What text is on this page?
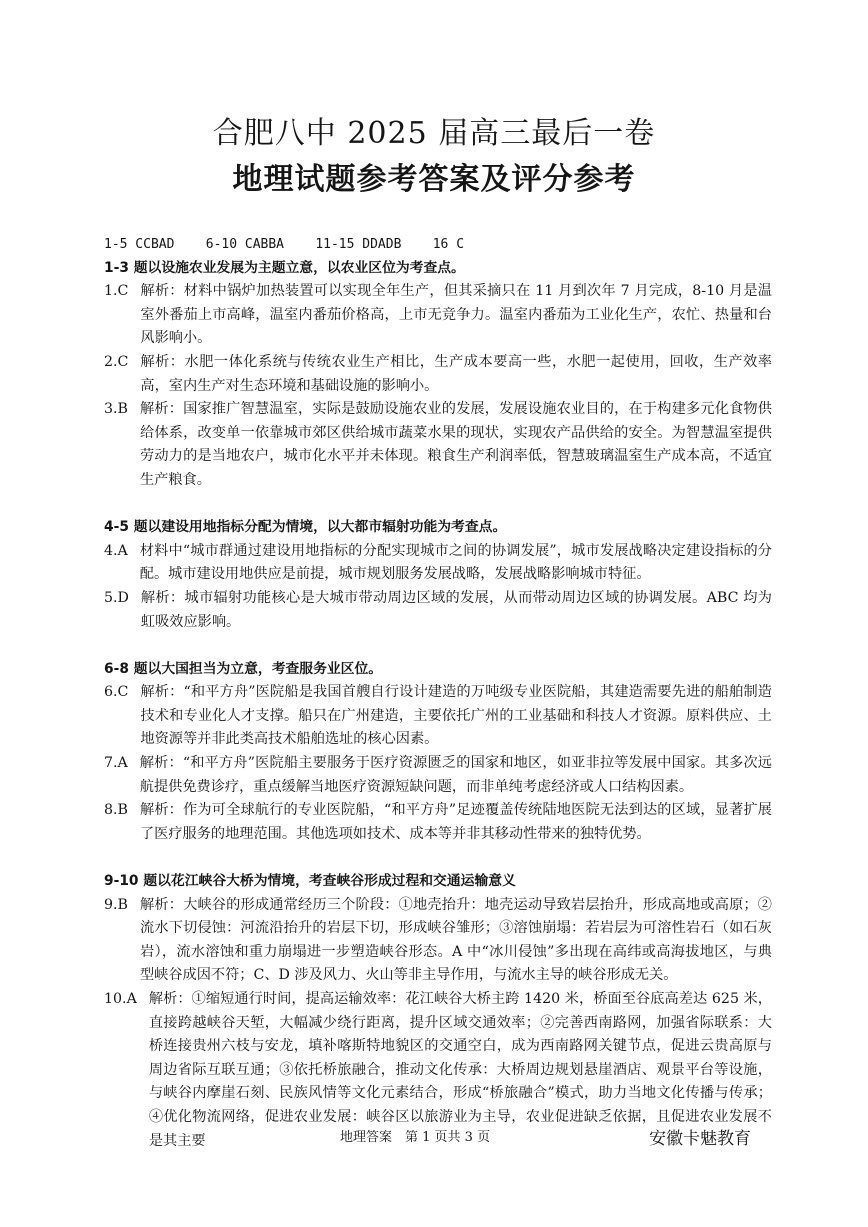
合肥八中 2025 届高三最后一卷
地理试题参考答案及评分参考
1-5 CCBAD    6-10 CABBA    11-15 DDADB    16 C
1-3 题以设施农业发展为主题立意，以农业区位为考查点。
1.C 解析：材料中锅炉加热装置可以实现全年生产，但其采摘只在 11 月到次年 7 月完成，8-10 月是温室外番茄上市高峰，温室内番茄价格高，上市无竞争力。温室内番茄为工业化生产，农忙、热量和台风影响小。
2.C 解析：水肥一体化系统与传统农业生产相比，生产成本要高一些，水肥一起使用，回收，生产效率高，室内生产对生态环境和基础设施的影响小。
3.B 解析：国家推广智慧温室，实际是鼓励设施农业的发展，发展设施农业目的，在于构建多元化食物供给体系，改变单一依靠城市郊区供给城市蔬菜水果的现状，实现农产品供给的安全。为智慧温室提供劳动力的是当地农户，城市化水平并未体现。粮食生产利润率低，智慧玻璃温室生产成本高，不适宜生产粮食。
4-5 题以建设用地指标分配为情境，以大都市辐射功能为考查点。
4.A 材料中“城市群通过建设用地指标的分配实现城市之间的协调发展”，城市发展战略决定建设指标的分配。城市建设用地供应是前提，城市规划服务发展战略，发展战略影响城市特征。
5.D 解析：城市辐射功能核心是大城市带动周边区域的发展，从而带动周边区域的协调发展。ABC 均为虹吸效应影响。
6-8 题以大国担当为立意，考查服务业区位。
6.C 解析：“和平方舟”医院船是我国首艘自行设计建造的万吨级专业医院船，其建造需要先进的船舶制造技术和专业化人才支撑。船只在广州建造，主要依托广州的工业基础和科技人才资源。原料供应、土地资源等并非此类高技术船舶选址的核心因素。
7.A 解析：“和平方舟”医院船主要服务于医疗资源匮乏的国家和地区，如亚非拉等发展中国家。其多次远航提供免费诊疗，重点缓解当地医疗资源短缺问题，而非单纯考虑经济或人口结构因素。
8.B 解析：作为可全球航行的专业医院船，“和平方舟”足迹覆盖传统陆地医院无法到达的区域，显著扩展了医疗服务的地理范围。其他选项如技术、成本等并非其移动性带来的独特优势。
9-10 题以花江峡谷大桥为情境，考查峡谷形成过程和交通运输意义
9.B 解析：大峡谷的形成通常经历三个阶段：①地壳抬升：地壳运动导致岩层抬升，形成高地或高原；②流水下切侵蚀：河流沿抬升的岩层下切，形成峡谷雏形；③溶蚀崩塌：若岩层为可溶性岩石（如石灰岩），流水溶蚀和重力崩塌进一步塑造峡谷形态。A 中“冰川侵蚀”多出现在高纬或高海拔地区，与典型峡谷成因不符；C、D 涉及风力、火山等非主导作用，与流水主导的峡谷形成无关。
10.A 解析：①缩短通行时间，提高运输效率：花江峡谷大桥主跨 1420 米，桥面至谷底高差达 625 米，直接跨越峡谷天堑，大幅减少绕行距离，提升区域交通效率；②完善西南路网，加强省际联系：大桥连接贵州六枝与安龙，填补喀斯特地貌区的交通空白，成为西南路网关键节点，促进云贵高原与周边省际互联互通；③依托桥旅融合，推动文化传承：大桥周边规划悬崖酒店、观景平台等设施，与峡谷内摩崖石刻、民族风情等文化元素结合，形成“桥旅融合”模式，助力当地文化传播与传承；④优化物流网络，促进农业发展：峡谷区以旅游业为主导，农业促进缺乏依据，且促进农业发展不是其主要	地理答案　第 1 页共 3 页	安徽卡魅教育
